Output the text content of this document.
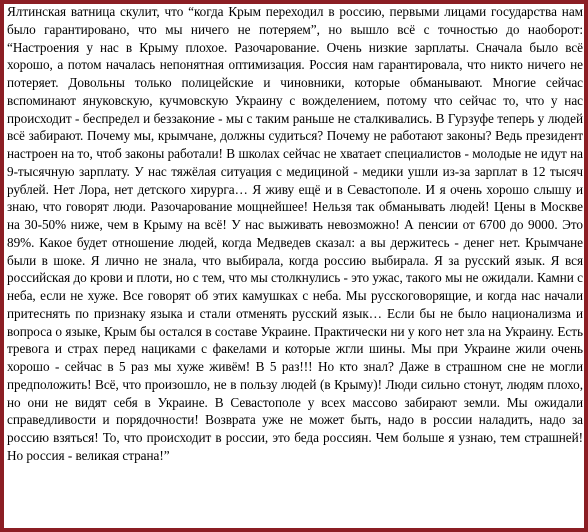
Ялтинская ватница скулит, что “когда Крым переходил в россию, первыми лицами государства нам было гарантировано, что мы ничего не потеряем”, но вышло всё с точностью до наоборот: “Настроения у нас в Крыму плохое. Разочарование. Очень низкие зарплаты. Сначала было всё хорошо, а потом началась непонятная оптимизация. Россия нам гарантировала, что никто ничего не потеряет. Довольны только полицейские и чиновники, которые обманывают. Многие сейчас вспоминают януковскую, кучмовскую Украину с вожделением, потому что сейчас то, что у нас происходит - беспредел и беззаконие - мы с таким раньше не сталкивались. В Гурзуфе теперь у людей всё забирают. Почему мы, крымчане, должны судиться? Почему не работают законы? Ведь президент настроен на то, чтоб законы работали! В школах сейчас не хватает специалистов - молодые не идут на 9-тысячную зарплату. У нас тяжёлая ситуация с медициной - медики ушли из-за зарплат в 12 тысяч рублей. Нет Лора, нет детского хирурга… Я живу ещё и в Севастополе. И я очень хорошо слышу и знаю, что говорят люди. Разочарование мощнейшее! Нельзя так обманывать людей! Цены в Москве на 30-50% ниже, чем в Крыму на всё! У нас выживать невозможно! А пенсии от 6700 до 9000. Это 89%. Какое будет отношение людей, когда Медведев сказал: а вы держитесь - денег нет. Крымчане были в шоке. Я лично не знала, что выбирала, когда россию выбирала. Я за русский язык. Я вся российская до крови и плоти, но с тем, что мы столкнулись - это ужас, такого мы не ожидали. Камни с неба, если не хуже. Все говорят об этих камушках с неба. Мы русскоговорящие, и когда нас начали притеснять по признаку языка и стали отменять русский язык… Если бы не было национализма и вопроса о языке, Крым бы остался в составе Украине. Практически ни у кого нет зла на Украину. Есть тревога и страх перед нациками с факелами и которые жгли шины. Мы при Украине жили очень хорошо - сейчас в 5 раз мы хуже живём! В 5 раз!!! Но кто знал? Даже в страшном сне не могли предположить! Всё, что произошло, не в пользу людей (в Крыму)! Люди сильно стонут, людям плохо, но они не видят себя в Украине. В Севастополе у всех массово забирают земли. Мы ожидали справедливости и порядочности! Возврата уже не может быть, надо в россии наладить, надо за россию взяться! То, что происходит в россии, это беда россиян. Чем больше я узнаю, тем страшней! Но россия - великая страна!”
